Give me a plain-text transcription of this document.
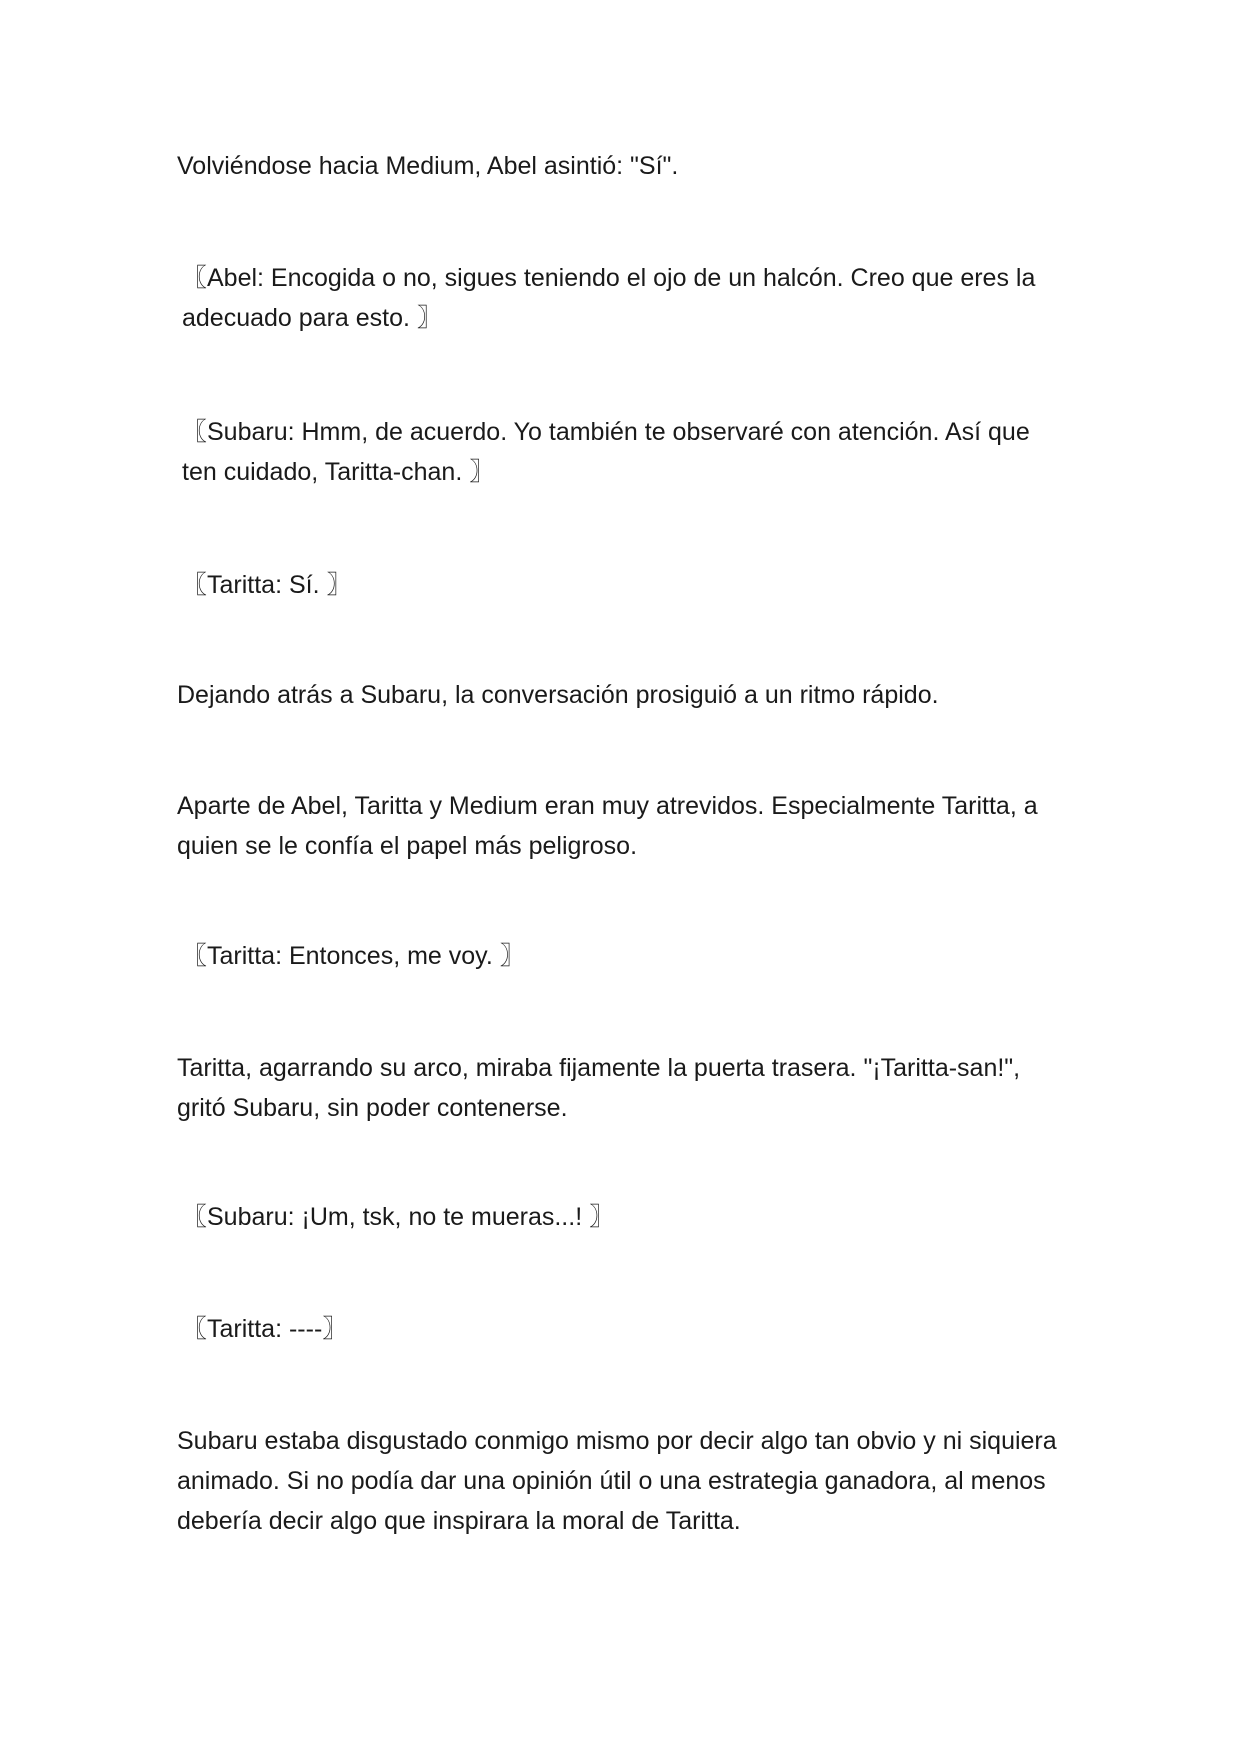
Volviéndose hacia Medium, Abel asintió: "Sí".

〖Abel: Encogida o no, sigues teniendo el ojo de un halcón. Creo que eres la adecuado para esto. 〗

〖Subaru: Hmm, de acuerdo. Yo también te observaré con atención. Así que ten cuidado, Taritta-chan. 〗

〖Taritta: Sí. 〗

Dejando atrás a Subaru, la conversación prosiguió a un ritmo rápido.

Aparte de Abel, Taritta y Medium eran muy atrevidos. Especialmente Taritta, a quien se le confía el papel más peligroso.

〖Taritta: Entonces, me voy. 〗

Taritta, agarrando su arco, miraba fijamente la puerta trasera. "¡Taritta-san!", gritó Subaru, sin poder contenerse.

〖Subaru: ¡Um, tsk, no te mueras...! 〗

〖Taritta: ----〗

Subaru estaba disgustado conmigo mismo por decir algo tan obvio y ni siquiera animado. Si no podía dar una opinión útil o una estrategia ganadora, al menos debería decir algo que inspirara la moral de Taritta.
